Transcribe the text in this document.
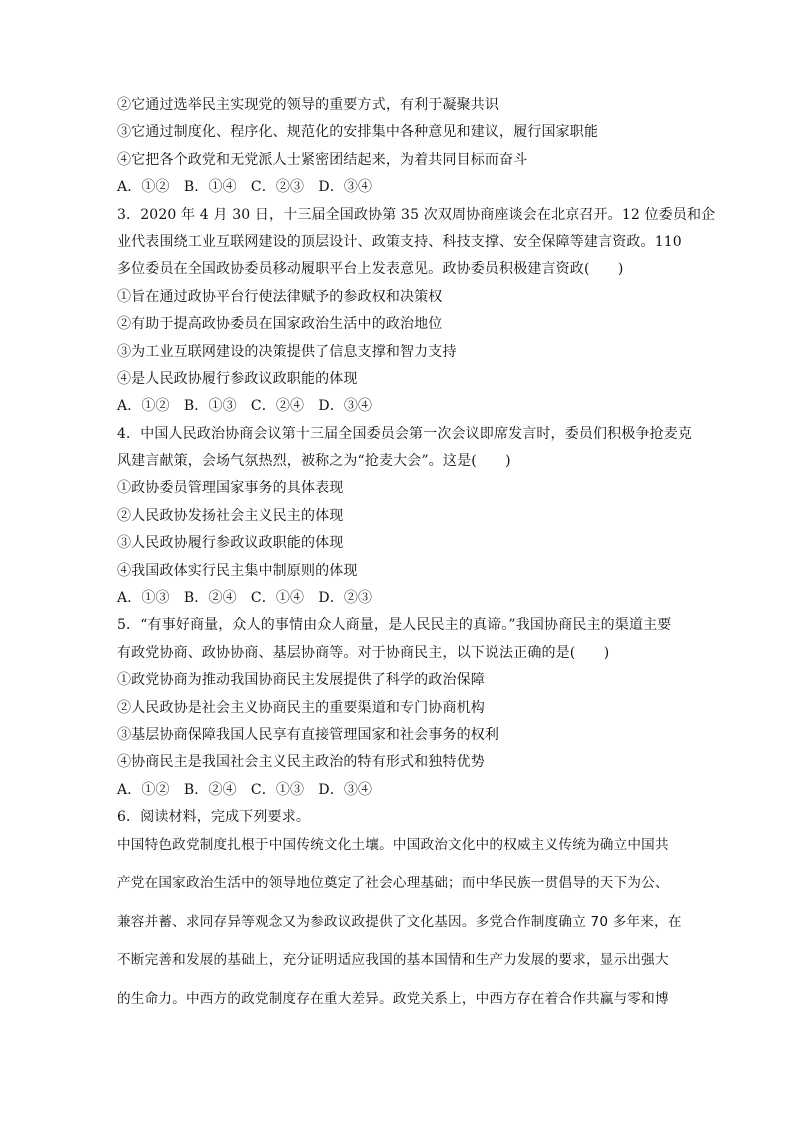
②它通过选举民主实现党的领导的重要方式，有利于凝聚共识
③它通过制度化、程序化、规范化的安排集中各种意见和建议，履行国家职能
④它把各个政党和无党派人士紧密团结起来，为着共同目标而奋斗
A．①②　B．①④　C．②③　D．③④
3．2020 年 4 月 30 日，十三届全国政协第 35 次双周协商座谈会在北京召开。12 位委员和企
业代表围绕工业互联网建设的顶层设计、政策支持、科技支撑、安全保障等建言资政。110
多位委员在全国政协委员移动履职平台上发表意见。政协委员积极建言资政(　　)
①旨在通过政协平台行使法律赋予的参政权和决策权
②有助于提高政协委员在国家政治生活中的政治地位
③为工业互联网建设的决策提供了信息支撑和智力支持
④是人民政协履行参政议政职能的体现
A．①②　B．①③　C．②④　D．③④
4．中国人民政治协商会议第十三届全国委员会第一次会议即席发言时，委员们积极争抢麦克
风建言献策，会场气氛热烈，被称之为“抢麦大会”。这是(　　)
①政协委员管理国家事务的具体表现
②人民政协发扬社会主义民主的体现
③人民政协履行参政议政职能的体现
④我国政体实行民主集中制原则的体现
A．①③　B．②④　C．①④　D．②③
5．“有事好商量，众人的事情由众人商量，是人民民主的真谛。”我国协商民主的渠道主要
有政党协商、政协协商、基层协商等。对于协商民主，以下说法正确的是(　　)
①政党协商为推动我国协商民主发展提供了科学的政治保障
②人民政协是社会主义协商民主的重要渠道和专门协商机构
③基层协商保障我国人民享有直接管理国家和社会事务的权利
④协商民主是我国社会主义民主政治的特有形式和独特优势
A．①②　B．②④　C．①③　D．③④
6．阅读材料，完成下列要求。
中国特色政党制度扎根于中国传统文化土壤。中国政治文化中的权威主义传统为确立中国共
产党在国家政治生活中的领导地位奠定了社会心理基础；而中华民族一贯倡导的天下为公、
兼容并蓄、求同存异等观念又为参政议政提供了文化基因。多党合作制度确立 70 多年来，在
不断完善和发展的基础上，充分证明适应我国的基本国情和生产力发展的要求，显示出强大
的生命力。中西方的政党制度存在重大差异。政党关系上，中西方存在着合作共赢与零和博
